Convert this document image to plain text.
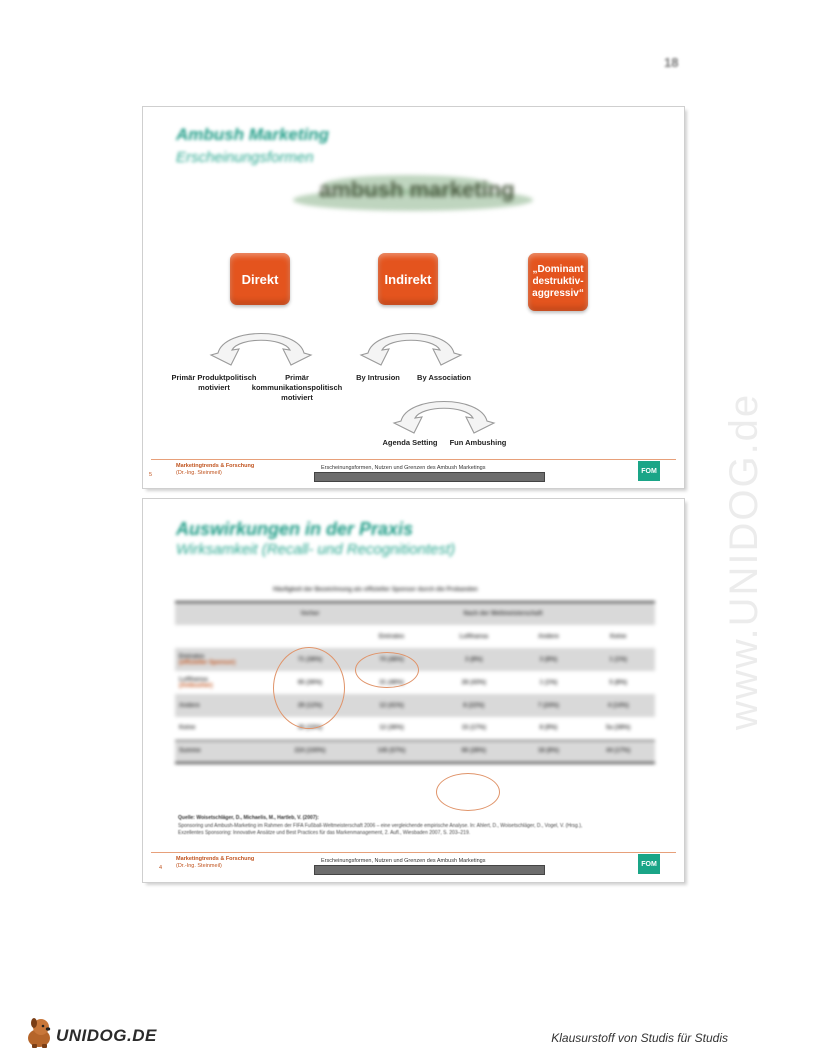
18
www.UNIDOG.de
Ambush Marketing
Erscheinungsformen
ambush marketing
Direkt	Indirekt
„Dominant destruktiv-aggressiv“
Primär Produktpolitisch motiviert
Primär kommunikationspolitisch motiviert
By Intrusion	By Association
Agenda Setting	Fun Ambushing
5
Marketingtrends & Forschung
(Dr.-Ing. Steinmeil)
Erscheinungsformen, Nutzen und Grenzen des Ambush Marketings	FOM
Auswirkungen in der Praxis
Wirksamkeit (Recall- und Recognitiontest)
	Häufigkeit der Bezeichnung als offizieller Sponsor durch die Probanden				
	Vorher	Nach der Weltmeisterschaft			
		Emirates	Lufthansa	Andere	Keine
Emirates
(offizieller Sponsor)	71 (38%)	70 (48%)	3 (8%)	3 (8%)	1 (1%)
Lufthansa
(Ambusher)	65 (36%)	31 (48%)	28 (43%)	1 (1%)	5 (8%)
Andere	29 (12%)	12 (41%)	8 (22%)	7 (24%)	4 (14%)
Keine	30 (15%)	12 (36%)	15 (17%)	8 (9%)	5a (38%)
Summe	224 (100%)	145 (57%)	66 (28%)	18 (8%)	44 (17%)
Quelle: Woisetschläger, D., Michaelis, M., Hartleb, V. (2007):
Sponsoring und Ambush-Marketing im Rahmen der FIFA Fußball-Weltmeisterschaft 2006 – eine vergleichende empirische Analyse. In: Ahlert, D., Woisetschläger, D., Vogel, V. (Hrsg.),
Exzellentes Sponsoring: Innovative Ansätze und Best Practices für das Markenmanagement, 2. Aufl., Wiesbaden 2007, S. 203–219.
4
Marketingtrends & Forschung
(Dr.-Ing. Steinmeil)
Erscheinungsformen, Nutzen und Grenzen des Ambush Marketings	FOM
UNIDOG.DE	Klausurstoff von Studis für Studis
